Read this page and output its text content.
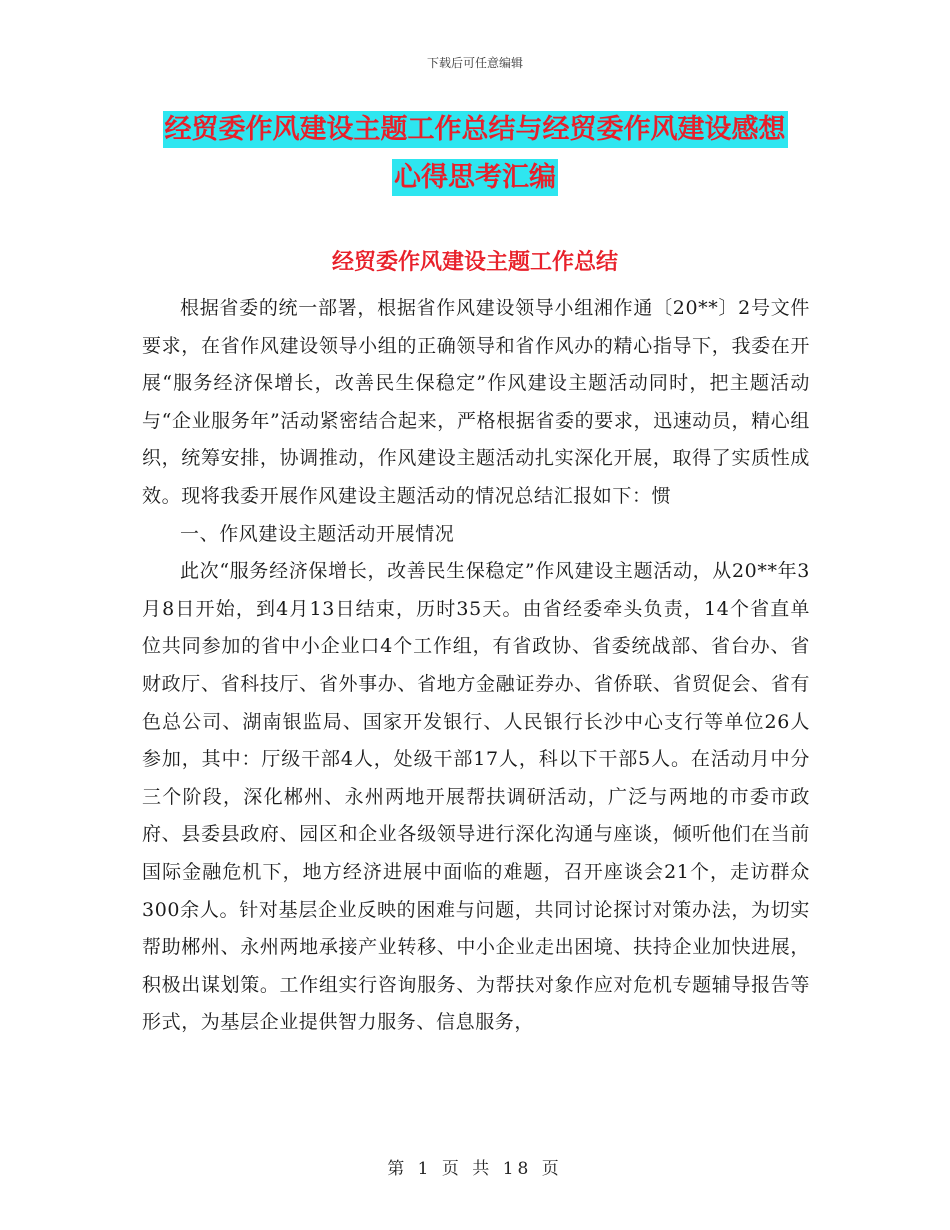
下载后可任意编辑
经贸委作风建设主题工作总结与经贸委作风建设感想
心得思考汇编
经贸委作风建设主题工作总结

根据省委的统一部署，根据省作风建设领导小组湘作通〔20**〕2号文件要求，在省作风建设领导小组的正确领导和省作风办的精心指导下，我委在开展“服务经济保增长，改善民生保稳定”作风建设主题活动同时，把主题活动与“企业服务年”活动紧密结合起来，严格根据省委的要求，迅速动员，精心组织，统筹安排，协调推动，作风建设主题活动扎实深化开展，取得了实质性成效。现将我委开展作风建设主题活动的情况总结汇报如下：惯

一、作风建设主题活动开展情况

此次“服务经济保增长，改善民生保稳定”作风建设主题活动，从20**年3月8日开始，到4月13日结束，历时35天。由省经委牵头负责，14个省直单位共同参加的省中小企业口4个工作组，有省政协、省委统战部、省台办、省财政厅、省科技厅、省外事办、省地方金融证券办、省侨联、省贸促会、省有色总公司、湖南银监局、国家开发银行、人民银行长沙中心支行等单位26人参加，其中：厅级干部4人，处级干部17人，科以下干部5人。在活动月中分三个阶段，深化郴州、永州两地开展帮扶调研活动，广泛与两地的市委市政府、县委县政府、园区和企业各级领导进行深化沟通与座谈，倾听他们在当前国际金融危机下，地方经济进展中面临的难题，召开座谈会21个，走访群众300余人。针对基层企业反映的困难与问题，共同讨论探讨对策办法，为切实帮助郴州、永州两地承接产业转移、中小企业走出困境、扶持企业加快进展，积极出谋划策。工作组实行咨询服务、为帮扶对象作应对危机专题辅导报告等形式，为基层企业提供智力服务、信息服务，

第 1 页 共 18 页
